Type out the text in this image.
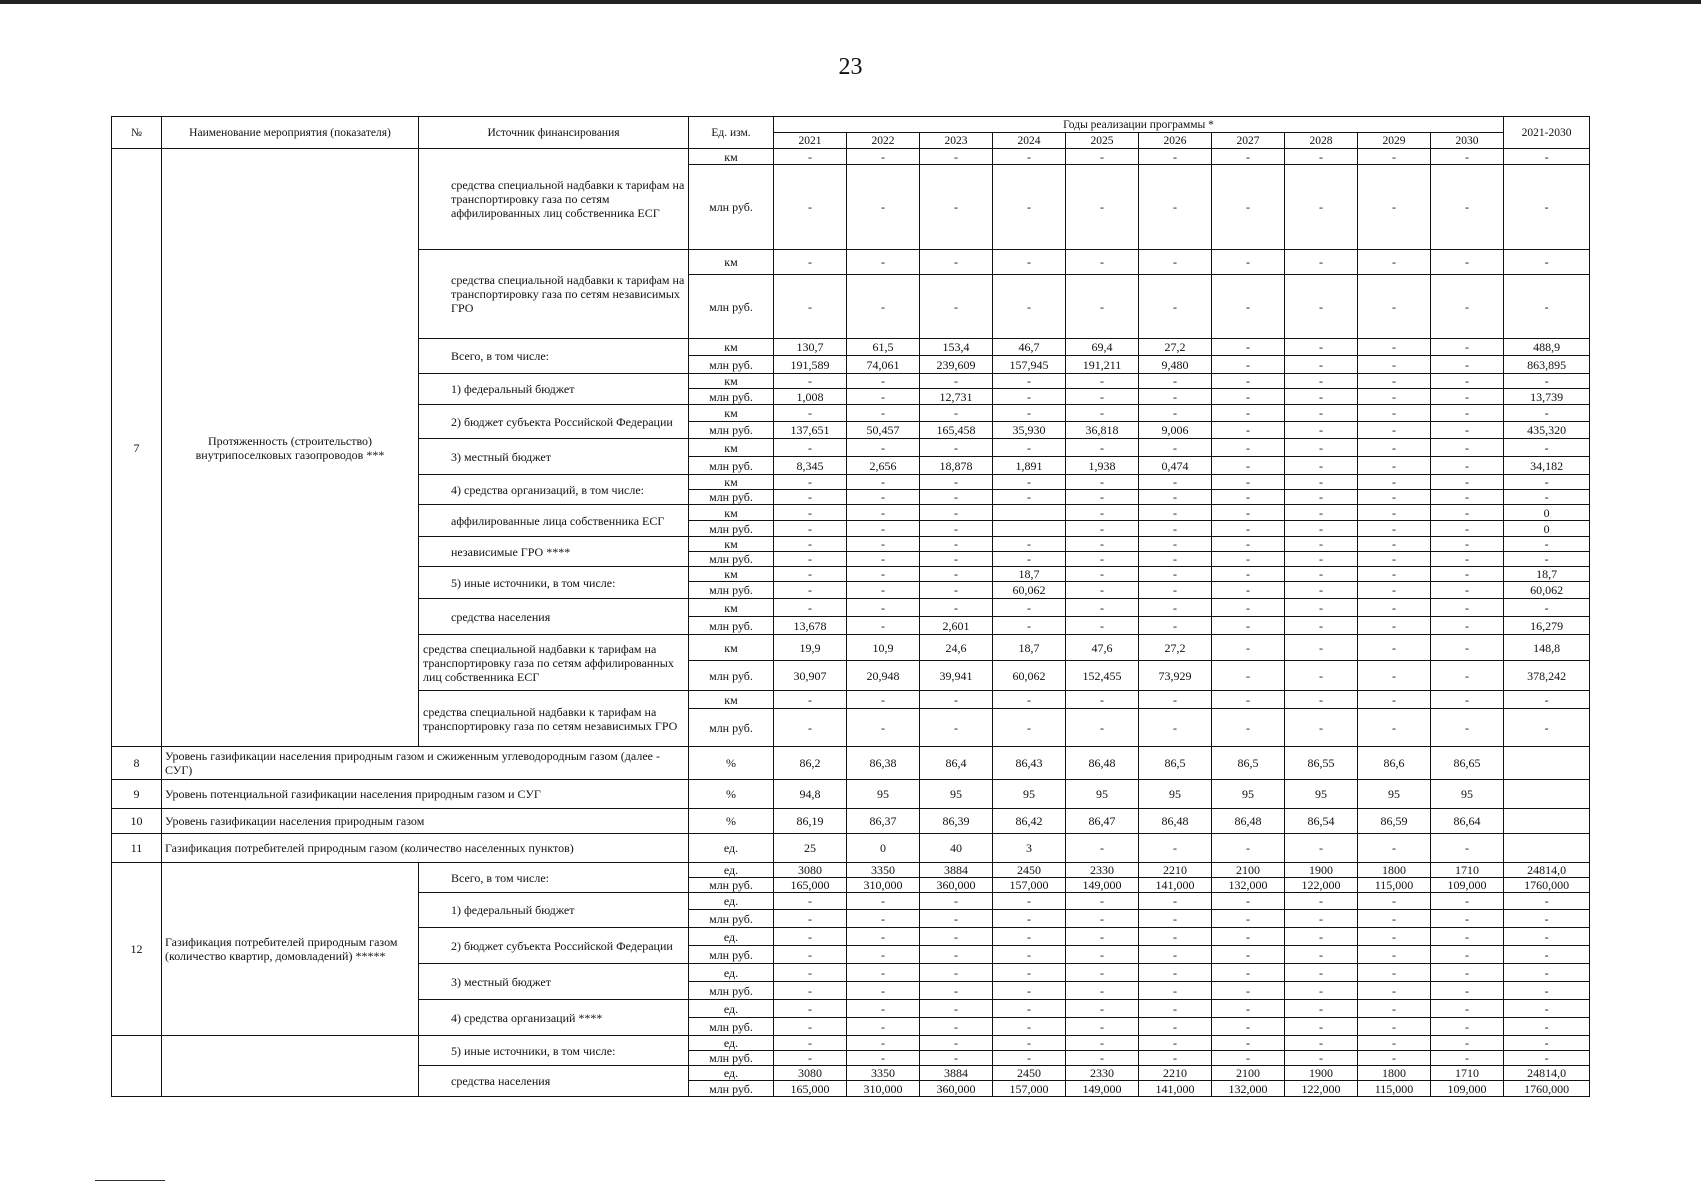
23
№	Наименование мероприятия (показателя)	Источник финансирования	Ед. изм.	Годы реализации программы *										2021-2030
				2021	2022	2023	2024	2025	2026	2027	2028	2029	2030	
7	Протяженность (строительство) внутрипоселковых газопроводов ***	средства специальной надбавки к тарифам на транспортировку газа по сетям аффилированных лиц собственника ЕСГ	км	-	-	-	-	-	-	-	-	-	-	-
			млн руб.	-	-	-	-	-	-	-	-	-	-	-
		средства специальной надбавки к тарифам на транспортировку газа по сетям независимых ГРО	км	-	-	-	-	-	-	-	-	-	-	-
			млн руб.	-	-	-	-	-	-	-	-	-	-	-
		Всего, в том числе:	км	130,7	61,5	153,4	46,7	69,4	27,2	-	-	-	-	488,9
			млн руб.	191,589	74,061	239,609	157,945	191,211	9,480	-	-	-	-	863,895
		1) федеральный бюджет	км	-	-	-	-	-	-	-	-	-	-	-
			млн руб.	1,008	-	12,731	-	-	-	-	-	-	-	13,739
		2) бюджет субъекта Российской Федерации	км	-	-	-	-	-	-	-	-	-	-	-
			млн руб.	137,651	50,457	165,458	35,930	36,818	9,006	-	-	-	-	435,320
		3) местный бюджет	км	-	-	-	-	-	-	-	-	-	-	-
			млн руб.	8,345	2,656	18,878	1,891	1,938	0,474	-	-	-	-	34,182
		4) средства организаций, в том числе:	км	-	-	-	-	-	-	-	-	-	-	-
			млн руб.	-	-	-	-	-	-	-	-	-	-	-
		аффилированные лица собственника ЕСГ	км	-	-	-		-	-	-	-	-	-	0
			млн руб.	-	-	-		-	-	-	-	-	-	0
		независимые ГРО ****	км	-	-	-	-	-	-	-	-	-	-	-
			млн руб.	-	-	-	-	-	-	-	-	-	-	-
		5) иные источники, в том числе:	км	-	-	-	18,7	-	-	-	-	-	-	18,7
			млн руб.	-	-	-	60,062	-	-	-	-	-	-	60,062
		средства населения	км	-	-	-	-	-	-	-	-	-	-	-
			млн руб.	13,678	-	2,601	-	-	-	-	-	-	-	16,279
		средства специальной надбавки к тарифам на транспортировку газа по сетям аффилированных лиц собственника ЕСГ	км	19,9	10,9	24,6	18,7	47,6	27,2	-	-	-	-	148,8
			млн руб.	30,907	20,948	39,941	60,062	152,455	73,929	-	-	-	-	378,242
		средства специальной надбавки к тарифам на транспортировку газа по сетям независимых ГРО	км	-	-	-	-	-	-	-	-	-	-	-
			млн руб.	-	-	-	-	-	-	-	-	-	-	-
8	Уровень газификации населения природным газом и сжиженным углеводородным газом (далее - СУГ)		%	86,2	86,38	86,4	86,43	86,48	86,5	86,5	86,55	86,6	86,65	
9	Уровень потенциальной газификации населения природным газом и СУГ		%	94,8	95	95	95	95	95	95	95	95	95	
10	Уровень газификации населения природным газом		%	86,19	86,37	86,39	86,42	86,47	86,48	86,48	86,54	86,59	86,64	
11	Газификация потребителей природным газом (количество населенных пунктов)		ед.	25	0	40	3	-	-	-	-	-	-	
12	Газификация потребителей природным газом (количество квартир, домовладений) *****	Всего, в том числе:	ед.	3080	3350	3884	2450	2330	2210	2100	1900	1800	1710	24814,0
			млн руб.	165,000	310,000	360,000	157,000	149,000	141,000	132,000	122,000	115,000	109,000	1760,000
		1) федеральный бюджет	ед.	-	-	-	-	-	-	-	-	-	-	-
			млн руб.	-	-	-	-	-	-	-	-	-	-	-
		2) бюджет субъекта Российской Федерации	ед.	-	-	-	-	-	-	-	-	-	-	-
			млн руб.	-	-	-	-	-	-	-	-	-	-	-
		3) местный бюджет	ед.	-	-	-	-	-	-	-	-	-	-	-
			млн руб.	-	-	-	-	-	-	-	-	-	-	-
		4) средства организаций ****	ед.	-	-	-	-	-	-	-	-	-	-	-
			млн руб.	-	-	-	-	-	-	-	-	-	-	-
		5) иные источники, в том числе:	ед.	-	-	-	-	-	-	-	-	-	-	-
			млн руб.	-	-	-	-	-	-	-	-	-	-	-
		средства населения	ед.	3080	3350	3884	2450	2330	2210	2100	1900	1800	1710	24814,0
			млн руб.	165,000	310,000	360,000	157,000	149,000	141,000	132,000	122,000	115,000	109,000	1760,000
